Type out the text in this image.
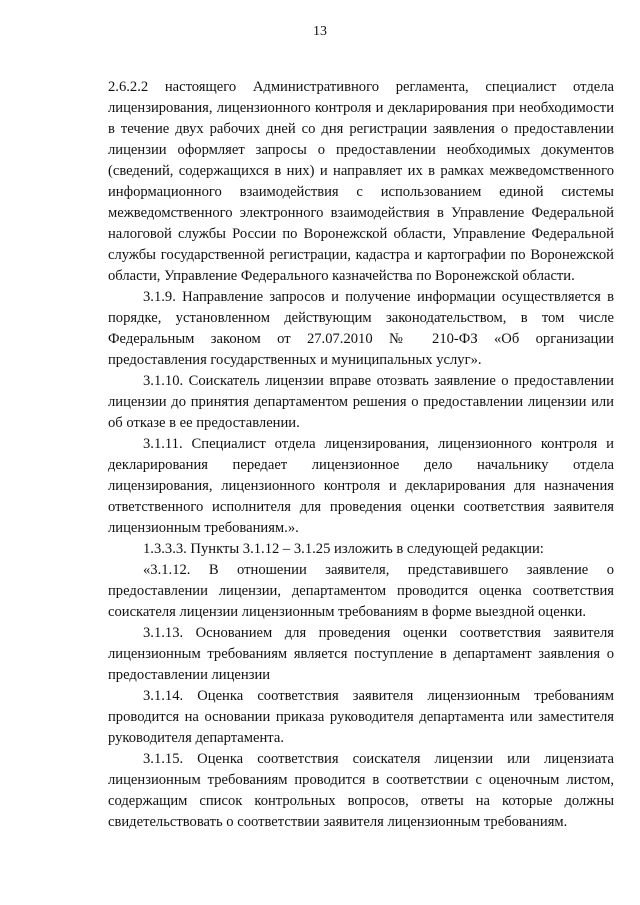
13

2.6.2.2 настоящего Административного регламента, специалист отдела лицензирования, лицензионного контроля и декларирования при необходимости в течение двух рабочих дней со дня регистрации заявления о предоставлении лицензии оформляет запросы о предоставлении необходимых документов (сведений, содержащихся в них) и направляет их в рамках межведомственного информационного взаимодействия с использованием единой системы межведомственного электронного взаимодействия в Управление Федеральной налоговой службы России по Воронежской области, Управление Федеральной службы государственной регистрации, кадастра и картографии по Воронежской области, Управление Федерального казначейства по Воронежской области.

3.1.9. Направление запросов и получение информации осуществляется в порядке, установленном действующим законодательством, в том числе Федеральным законом от 27.07.2010 № 210-ФЗ «Об организации предоставления государственных и муниципальных услуг».

3.1.10. Соискатель лицензии вправе отозвать заявление о предоставлении лицензии до принятия департаментом решения о предоставлении лицензии или об отказе в ее предоставлении.

3.1.11. Специалист отдела лицензирования, лицензионного контроля и декларирования передает лицензионное дело начальнику отдела лицензирования, лицензионного контроля и декларирования для назначения ответственного исполнителя для проведения оценки соответствия заявителя лицензионным требованиям.».

1.3.3.3. Пункты 3.1.12 – 3.1.25 изложить в следующей редакции:

«3.1.12. В отношении заявителя, представившего заявление о предоставлении лицензии, департаментом проводится оценка соответствия соискателя лицензии лицензионным требованиям в форме выездной оценки.

3.1.13. Основанием для проведения оценки соответствия заявителя лицензионным требованиям является поступление в департамент заявления о предоставлении лицензии

3.1.14. Оценка соответствия заявителя лицензионным требованиям проводится на основании приказа руководителя департамента или заместителя руководителя департамента.

3.1.15. Оценка соответствия соискателя лицензии или лицензиата лицензионным требованиям проводится в соответствии с оценочным листом, содержащим список контрольных вопросов, ответы на которые должны свидетельствовать о соответствии заявителя лицензионным требованиям.
